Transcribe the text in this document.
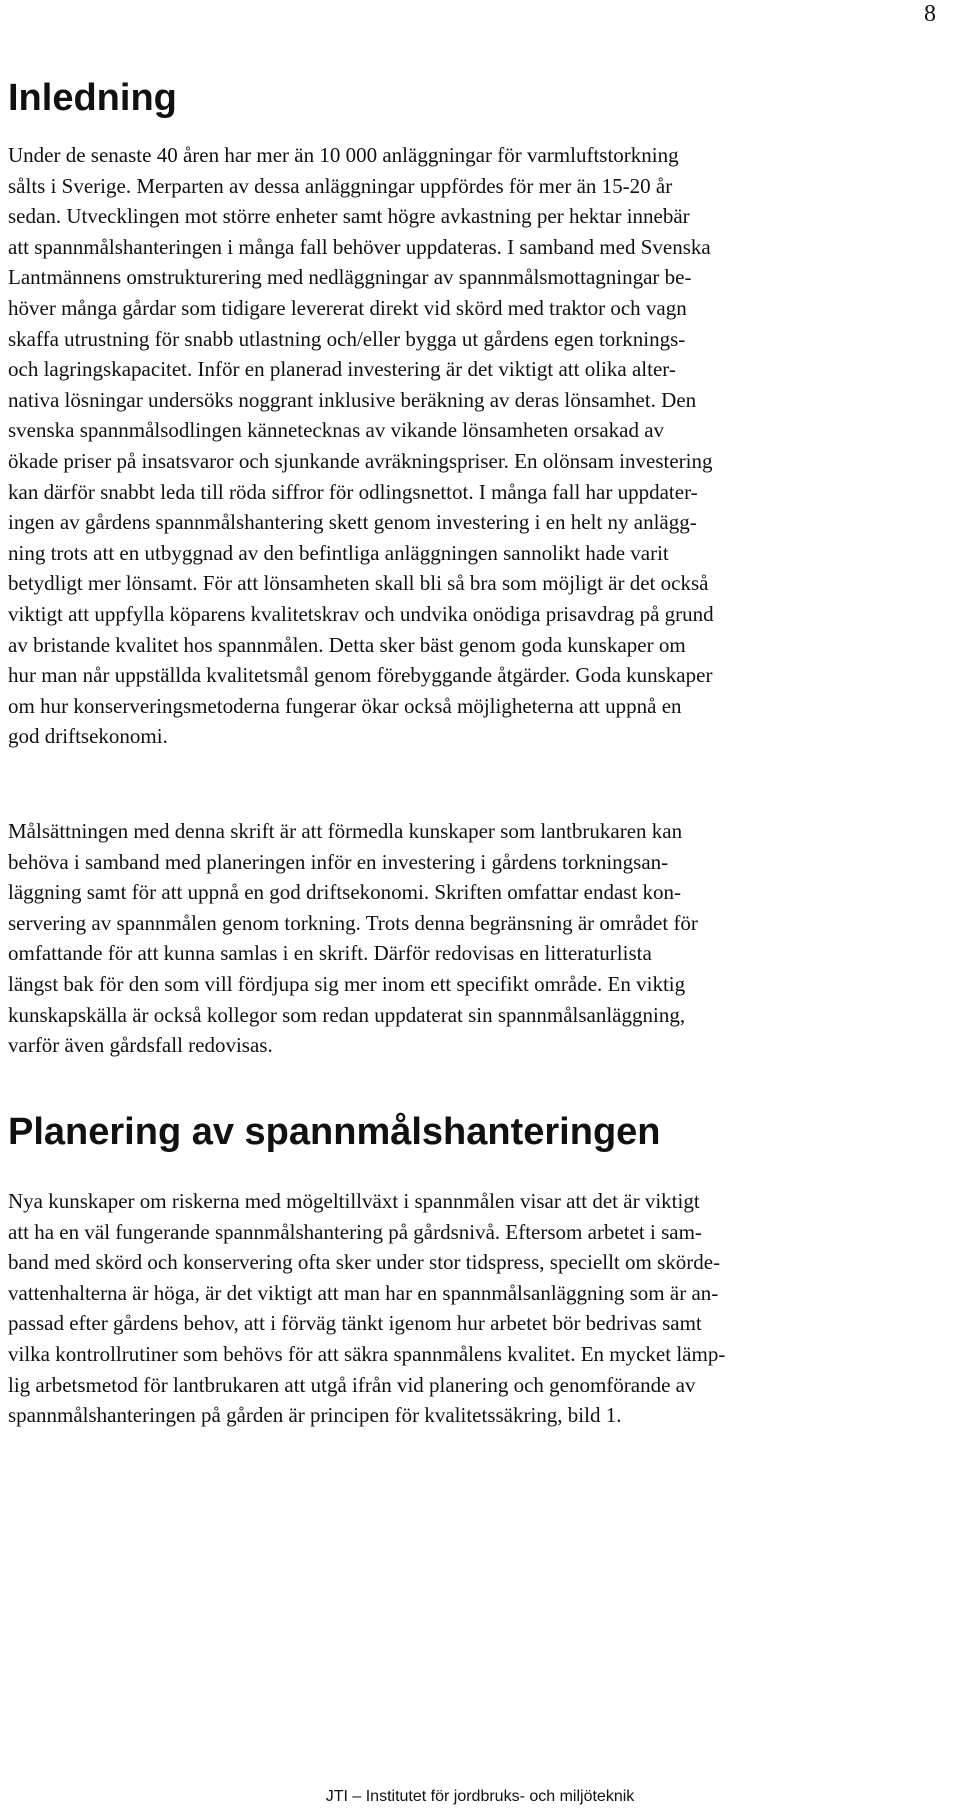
8
Inledning

Under de senaste 40 åren har mer än 10 000 anläggningar för varmluftstorkning
sålts i Sverige. Merparten av dessa anläggningar uppfördes för mer än 15-20 år
sedan. Utvecklingen mot större enheter samt högre avkastning per hektar innebär
att spannmålshanteringen i många fall behöver uppdateras. I samband med Svenska
Lantmännens omstrukturering med nedläggningar av spannmålsmottagningar be-
höver många gårdar som tidigare levererat direkt vid skörd med traktor och vagn
skaffa utrustning för snabb utlastning och/eller bygga ut gårdens egen torknings-
och lagringskapacitet. Inför en planerad investering är det viktigt att olika alter-
nativa lösningar undersöks noggrant inklusive beräkning av deras lönsamhet. Den
svenska spannmålsodlingen kännetecknas av vikande lönsamheten orsakad av
ökade priser på insatsvaror och sjunkande avräkningspriser. En olönsam investering
kan därför snabbt leda till röda siffror för odlingsnettot. I många fall har uppdater-
ingen av gårdens spannmålshantering skett genom investering i en helt ny anlägg-
ning trots att en utbyggnad av den befintliga anläggningen sannolikt hade varit
betydligt mer lönsamt. För att lönsamheten skall bli så bra som möjligt är det också
viktigt att uppfylla köparens kvalitetskrav och undvika onödiga prisavdrag på grund
av bristande kvalitet hos spannmålen. Detta sker bäst genom goda kunskaper om
hur man når uppställda kvalitetsmål genom förebyggande åtgärder. Goda kunskaper
om hur konserveringsmetoderna fungerar ökar också möjligheterna att uppnå en
god driftsekonomi.

Målsättningen med denna skrift är att förmedla kunskaper som lantbrukaren kan
behöva i samband med planeringen inför en investering i gårdens torkningsan-
läggning samt för att uppnå en god driftsekonomi. Skriften omfattar endast kon-
servering av spannmålen genom torkning. Trots denna begränsning är området för
omfattande för att kunna samlas i en skrift. Därför redovisas en litteraturlista
längst bak för den som vill fördjupa sig mer inom ett specifikt område. En viktig
kunskapskälla är också kollegor som redan uppdaterat sin spannmålsanläggning,
varför även gårdsfall redovisas.

Planering av spannmålshanteringen

Nya kunskaper om riskerna med mögeltillväxt i spannmålen visar att det är viktigt
att ha en väl fungerande spannmålshantering på gårdsnivå. Eftersom arbetet i sam-
band med skörd och konservering ofta sker under stor tidspress, speciellt om skörde-
vattenhalterna är höga, är det viktigt att man har en spannmålsanläggning som är an-
passad efter gårdens behov, att i förväg tänkt igenom hur arbetet bör bedrivas samt
vilka kontrollrutiner som behövs för att säkra spannmålens kvalitet. En mycket lämp-
lig arbetsmetod för lantbrukaren att utgå ifrån vid planering och genomförande av
spannmålshanteringen på gården är principen för kvalitetssäkring, bild 1.

JTI – Institutet för jordbruks- och miljöteknik
